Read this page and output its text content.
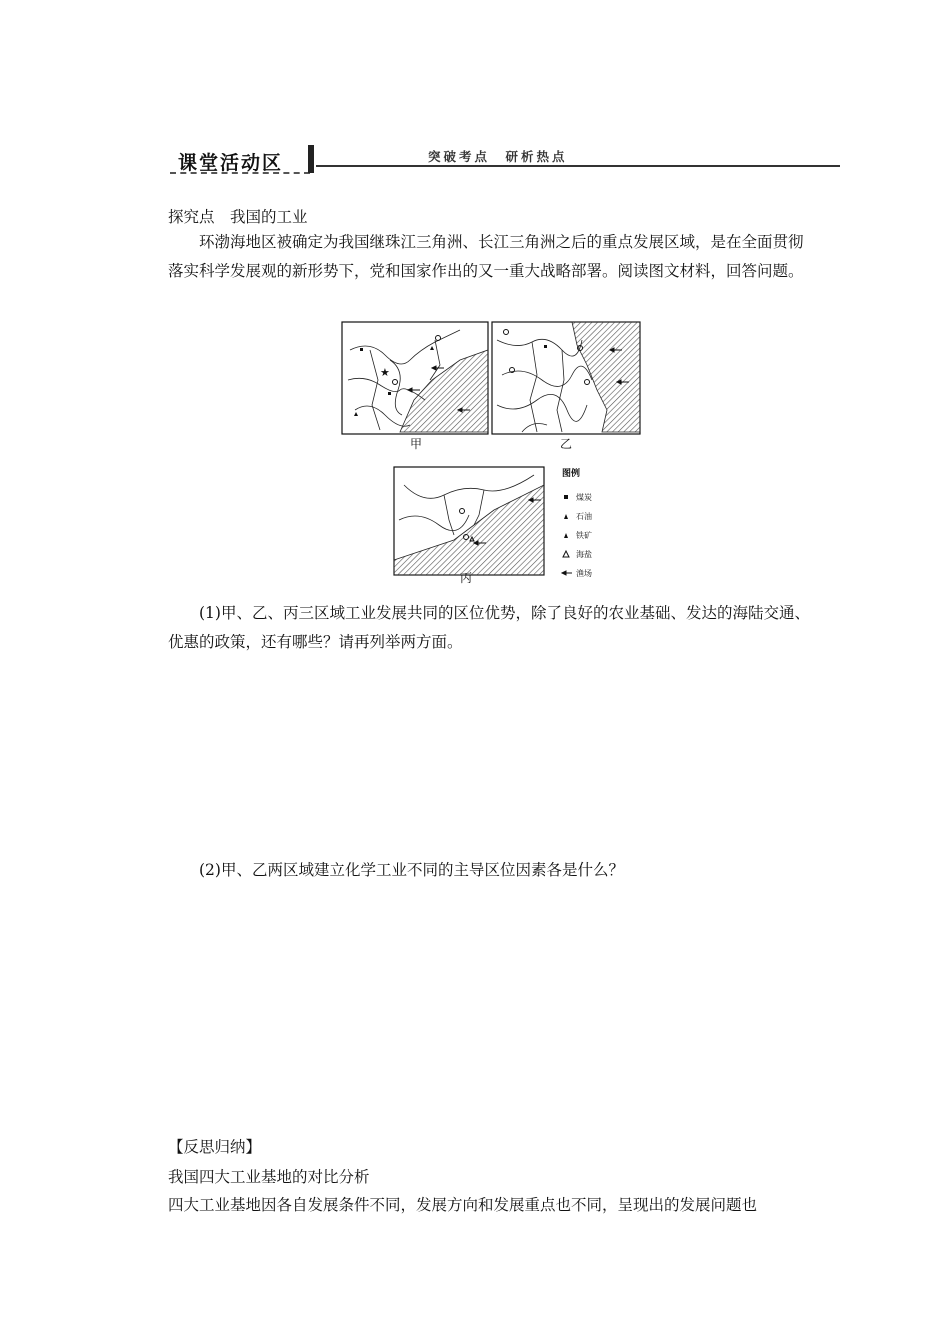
课堂活动区	突破考点　研析热点

探究点　我国的工业

环渤海地区被确定为我国继珠江三角洲、长江三角洲之后的重点发展区域，是在全面贯彻落实科学发展观的新形势下，党和国家作出的又一重大战略部署。阅读图文材料，回答问题。

★
甲	乙
丙
图例
煤炭
石油
铁矿
海盐
渔场

(1)甲、乙、丙三区域工业发展共同的区位优势，除了良好的农业基础、发达的海陆交通、优惠的政策，还有哪些？请再列举两方面。

(2)甲、乙两区域建立化学工业不同的主导区位因素各是什么？

【反思归纳】

我国四大工业基地的对比分析

四大工业基地因各自发展条件不同，发展方向和发展重点也不同，呈现出的发展问题也
